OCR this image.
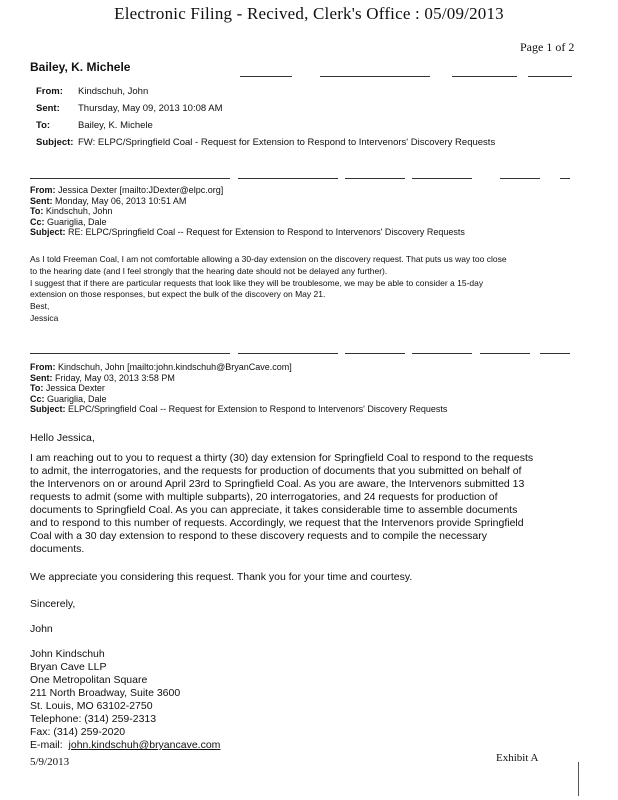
Electronic Filing - Recived, Clerk's Office : 05/09/2013
Page 1 of 2
Bailey, K. Michele
From: Kindschuh, John
Sent: Thursday, May 09, 2013 10:08 AM
To:	Bailey, K. Michele
Subject: FW: ELPC/Springfield Coal - Request for Extension to Respond to Intervenors' Discovery Requests
From: Jessica Dexter [mailto:JDexter@elpc.org]
Sent: Monday, May 06, 2013 10:51 AM
To: Kindschuh, John
Cc: Guariglia, Dale
Subject: RE: ELPC/Springfield Coal -- Request for Extension to Respond to Intervenors' Discovery Requests

As I told Freeman Coal, I am not comfortable allowing a 30-day extension on the discovery request. That puts us way too close

to the hearing date (and I feel strongly that the hearing date should not be delayed any further).

I suggest that if there are particular requests that look like they will be troublesome, we may be able to consider a 15-day

extension on those responses, but expect the bulk of the discovery on May 21.

Best,

Jessica

From: Kindschuh, John [mailto:john.kindschuh@BryanCave.com]
Sent: Friday, May 03, 2013 3:58 PM
To: Jessica Dexter
Cc: Guariglia, Dale
Subject: ELPC/Springfield Coal -- Request for Extension to Respond to Intervenors' Discovery Requests
Hello Jessica,

I am reaching out to you to request a thirty (30) day extension for Springfield Coal to respond to the requests

to admit, the interrogatories, and the requests for production of documents that you submitted on behalf of

the Intervenors on or around April 23rd to Springfield Coal. As you are aware, the Intervenors submitted 13

requests to admit (some with multiple subparts), 20 interrogatories, and 24 requests for production of

documents to Springfield Coal. As you can appreciate, it takes considerable time to assemble documents

and to respond to this number of requests. Accordingly, we request that the Intervenors provide Springfield

Coal with a 30 day extension to respond to these discovery requests and to compile the necessary

documents.

We appreciate you considering this request. Thank you for your time and courtesy.
Sincerely,
John

John Kindschuh

Bryan Cave LLP

One Metropolitan Square

211 North Broadway, Suite 3600

St. Louis, MO 63102-2750

Telephone: (314) 259-2313

Fax: (314) 259-2020

E-mail: john.kindschuh@bryancave.com

5/9/2013	Exhibit A
